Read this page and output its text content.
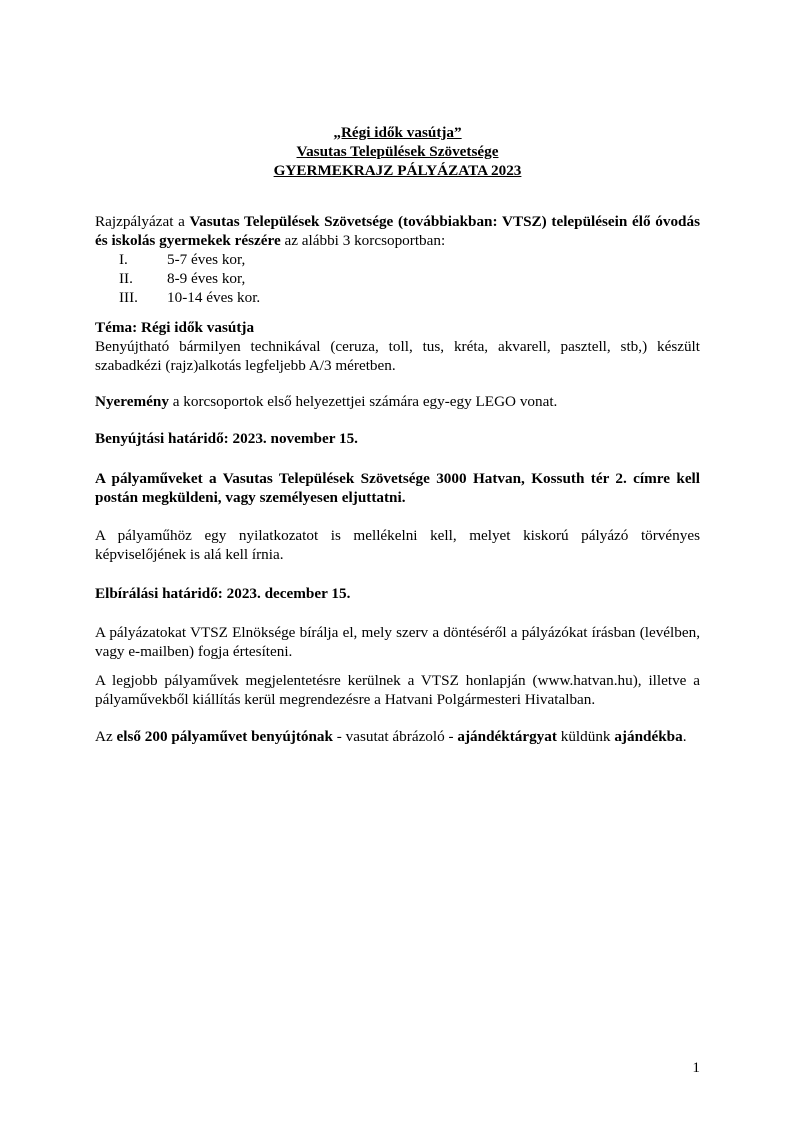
„Régi idők vasútja”
Vasutas Települések Szövetsége
GYERMEKRAJZ PÁLYÁZATA 2023

Rajzpályázat a Vasutas Települések Szövetsége (továbbiakban: VTSZ) településein élő óvodás és iskolás gyermekek részére az alábbi 3 korcsoportban:

I.	5-7 éves kor,
II.	8-9 éves kor,
III.	10-14 éves kor.

Téma: Régi idők vasútja

Benyújtható bármilyen technikával (ceruza, toll, tus, kréta, akvarell, pasztell, stb,) készült szabadkézi (rajz)alkotás legfeljebb A/3 méretben.

Nyeremény a korcsoportok első helyezettjei számára egy-egy LEGO vonat.

Benyújtási határidő: 2023. november 15.

A pályaműveket a Vasutas Települések Szövetsége 3000 Hatvan, Kossuth tér 2. címre kell postán megküldeni, vagy személyesen eljuttatni.

A pályaműhöz egy nyilatkozatot is mellékelni kell, melyet kiskorú pályázó törvényes képviselőjének is alá kell írnia.

Elbírálási határidő: 2023. december 15.

A pályázatokat VTSZ Elnöksége bírálja el, mely szerv a döntéséről a pályázókat írásban (levélben, vagy e-mailben) fogja értesíteni.

A legjobb pályaművek megjelentetésre kerülnek a VTSZ honlapján (www.hatvan.hu), illetve a pályaművekből kiállítás kerül megrendezésre a Hatvani Polgármesteri Hivatalban.

Az első 200 pályaművet benyújtónak - vasutat ábrázoló - ajándéktárgyat küldünk ajándékba.

1
